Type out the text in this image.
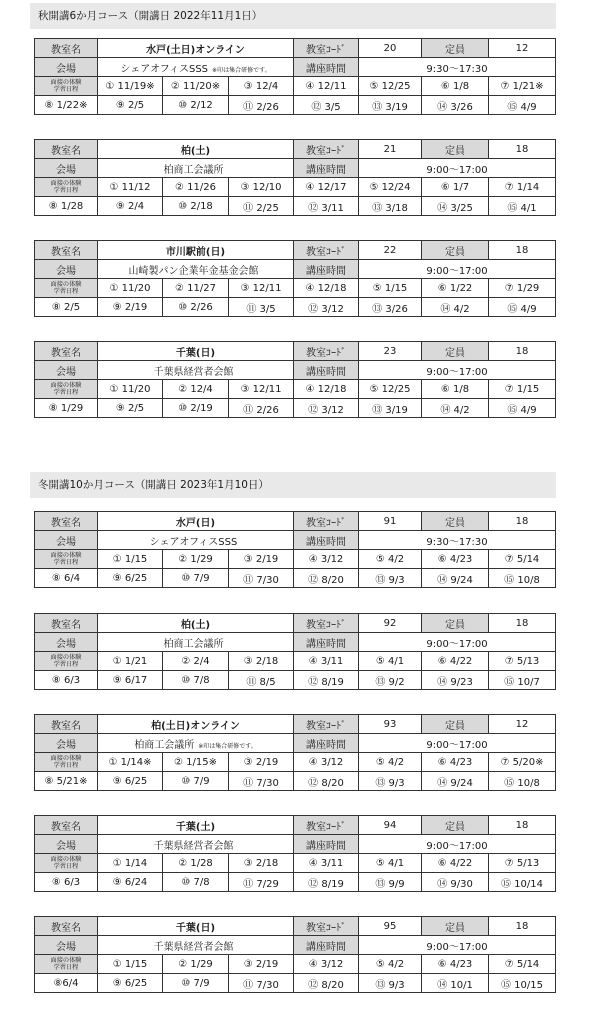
秋開講6か月コース（開講日 2022年11月1日）
教室名	水戸(土日)オンライン	教室ｺｰﾄﾞ	20	定員	12
会場	シェアオフィスSSS ※印は集合研修です。	講座時間	9:30～17:30		
面接の体験
学習日程	① 11/19※	② 11/20※	③ 12/4	④ 12/11	⑤ 12/25	⑥ 1/8	⑦ 1/21※
⑧ 1/22※	⑨ 2/5	⑩ 2/12	⑪ 2/26	⑫ 3/5	⑬ 3/19	⑭ 3/26	⑮ 4/9
教室名	柏(土)	教室ｺｰﾄﾞ	21	定員	18
会場	柏商工会議所	講座時間	9:00～17:00		
面接の体験
学習日程	① 11/12	② 11/26	③ 12/10	④ 12/17	⑤ 12/24	⑥ 1/7	⑦ 1/14
⑧ 1/28	⑨ 2/4	⑩ 2/18	⑪ 2/25	⑫ 3/11	⑬ 3/18	⑭ 3/25	⑮ 4/1
教室名	市川駅前(日)	教室ｺｰﾄﾞ	22	定員	18
会場	山崎製パン企業年金基金会館	講座時間	9:00～17:00		
面接の体験
学習日程	① 11/20	② 11/27	③ 12/11	④ 12/18	⑤ 1/15	⑥ 1/22	⑦ 1/29
⑧ 2/5	⑨ 2/19	⑩ 2/26	⑪ 3/5	⑫ 3/12	⑬ 3/26	⑭ 4/2	⑮ 4/9
教室名	千葉(日)	教室ｺｰﾄﾞ	23	定員	18
会場	千葉県経営者会館	講座時間	9:00～17:00		
面接の体験
学習日程	① 11/20	② 12/4	③ 12/11	④ 12/18	⑤ 12/25	⑥ 1/8	⑦ 1/15
⑧ 1/29	⑨ 2/5	⑩ 2/19	⑪ 2/26	⑫ 3/12	⑬ 3/19	⑭ 4/2	⑮ 4/9
冬開講10か月コース（開講日 2023年1月10日）
教室名	水戸(日)	教室ｺｰﾄﾞ	91	定員	18
会場	シェアオフィスSSS	講座時間	9:30～17:30		
面接の体験
学習日程	① 1/15	② 1/29	③ 2/19	④ 3/12	⑤ 4/2	⑥ 4/23	⑦ 5/14
⑧ 6/4	⑨ 6/25	⑩ 7/9	⑪ 7/30	⑫ 8/20	⑬ 9/3	⑭ 9/24	⑮ 10/8
教室名	柏(土)	教室ｺｰﾄﾞ	92	定員	18
会場	柏商工会議所	講座時間	9:00～17:00		
面接の体験
学習日程	① 1/21	② 2/4	③ 2/18	④ 3/11	⑤ 4/1	⑥ 4/22	⑦ 5/13
⑧ 6/3	⑨ 6/17	⑩ 7/8	⑪ 8/5	⑫ 8/19	⑬ 9/2	⑭ 9/23	⑮ 10/7
教室名	柏(土日)オンライン	教室ｺｰﾄﾞ	93	定員	12
会場	柏商工会議所 ※印は集合研修です。	講座時間	9:00～17:00		
面接の体験
学習日程	① 1/14※	② 1/15※	③ 2/19	④ 3/12	⑤ 4/2	⑥ 4/23	⑦ 5/20※
⑧ 5/21※	⑨ 6/25	⑩ 7/9	⑪ 7/30	⑫ 8/20	⑬ 9/3	⑭ 9/24	⑮ 10/8
教室名	千葉(土)	教室ｺｰﾄﾞ	94	定員	18
会場	千葉県経営者会館	講座時間	9:00～17:00		
面接の体験
学習日程	① 1/14	② 1/28	③ 2/18	④ 3/11	⑤ 4/1	⑥ 4/22	⑦ 5/13
⑧ 6/3	⑨ 6/24	⑩ 7/8	⑪ 7/29	⑫ 8/19	⑬ 9/9	⑭ 9/30	⑮ 10/14
教室名	千葉(日)	教室ｺｰﾄﾞ	95	定員	18
会場	千葉県経営者会館	講座時間	9:00～17:00		
面接の体験
学習日程	① 1/15	② 1/29	③ 2/19	④ 3/12	⑤ 4/2	⑥ 4/23	⑦ 5/14
⑧6/4	⑨ 6/25	⑩ 7/9	⑪ 7/30	⑫ 8/20	⑬ 9/3	⑭ 10/1	⑮ 10/15
